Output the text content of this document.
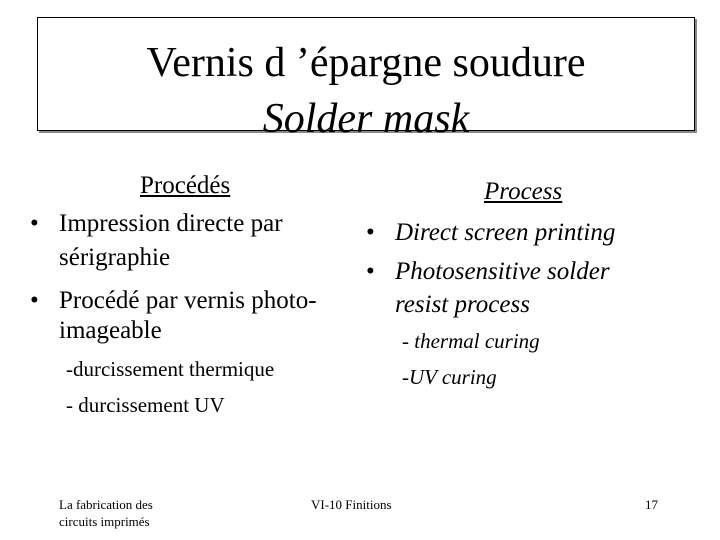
Vernis d ’épargne soudure
Solder mask
Procédés
• Impression directe par
sérigraphie
• Procédé par vernis photo-
imageable
-durcissement thermique
- durcissement UV
Process
• Direct screen printing
• Photosensitive solder
resist process
- thermal curing
-UV curing
La fabrication des
circuits imprimés
VI-10 Finitions	17
